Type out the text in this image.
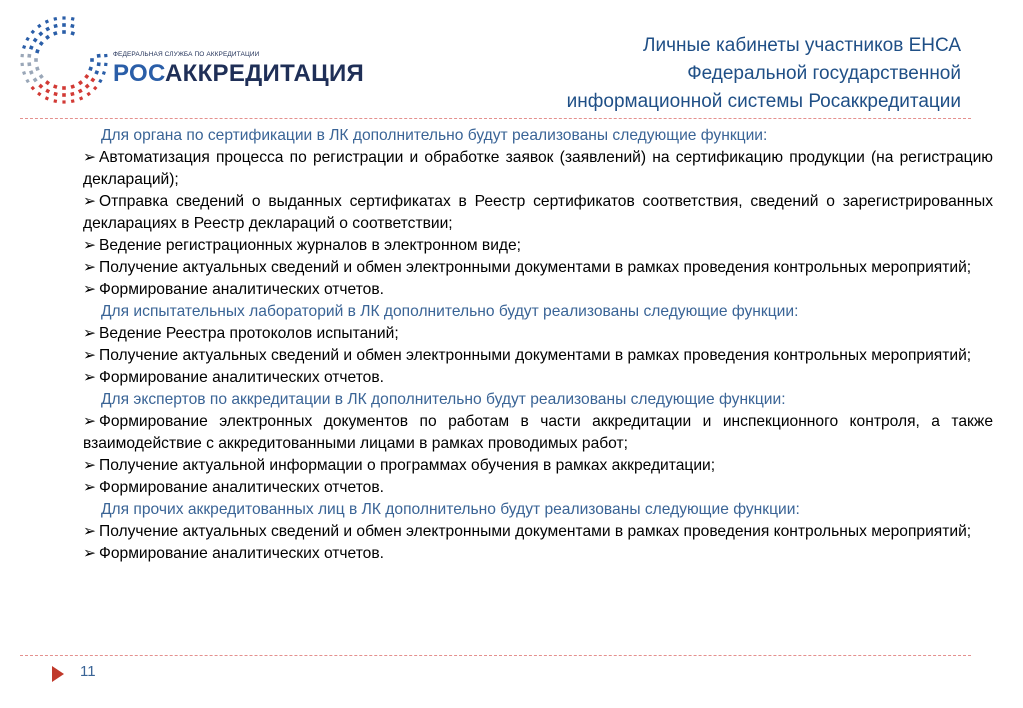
ФЕДЕРАЛЬНАЯ СЛУЖБА ПО АККРЕДИТАЦИИ
РОСАККРЕДИТАЦИЯ
Личные кабинеты участников ЕНСА
Федеральной государственной
информационной системы Росаккредитации
Для органа по сертификации в ЛК дополнительно будут реализованы следующие функции:
➢ Автоматизация процесса по регистрации и обработке заявок (заявлений) на сертификацию продукции (на регистрацию деклараций);
➢ Отправка сведений о выданных сертификатах в Реестр сертификатов соответствия, сведений о зарегистрированных декларациях в Реестр деклараций о соответствии;
➢ Ведение регистрационных журналов в электронном виде;
➢ Получение актуальных сведений и обмен электронными документами в рамках проведения контрольных мероприятий;
➢ Формирование аналитических отчетов.
Для испытательных лабораторий в ЛК дополнительно будут реализованы следующие функции:
➢ Ведение Реестра протоколов испытаний;
➢ Получение актуальных сведений и обмен электронными документами в рамках проведения контрольных мероприятий;
➢ Формирование аналитических отчетов.
Для экспертов по аккредитации в ЛК дополнительно будут реализованы следующие функции:
➢ Формирование электронных документов по работам в части аккредитации и инспекционного контроля, а также взаимодействие с аккредитованными лицами в рамках проводимых работ;
➢ Получение актуальной информации о программах обучения в рамках аккредитации;
➢ Формирование аналитических отчетов.
Для прочих аккредитованных лиц в ЛК дополнительно будут реализованы следующие функции:
➢ Получение актуальных сведений и обмен электронными документами в рамках проведения контрольных мероприятий;
➢ Формирование аналитических отчетов.
11
